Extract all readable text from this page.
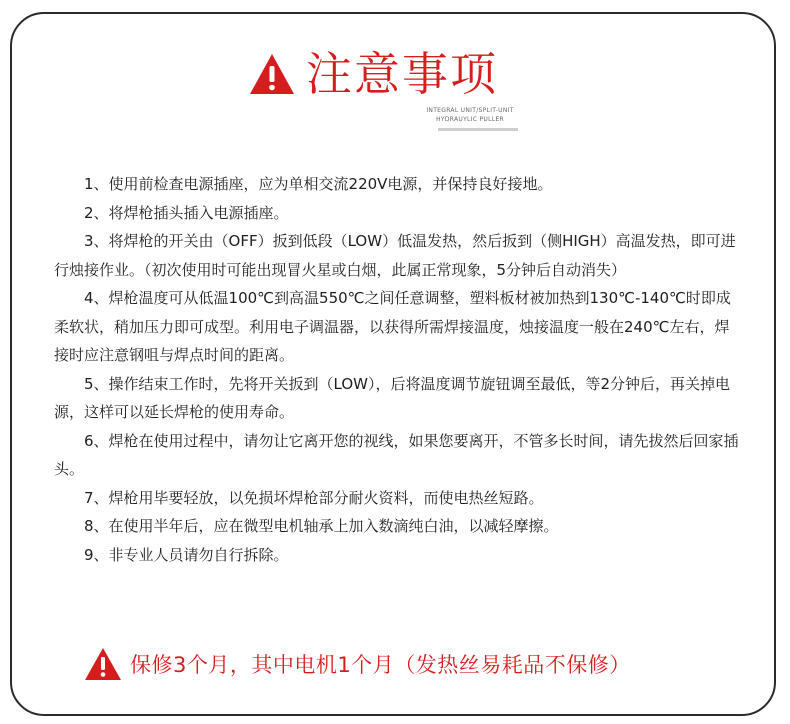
注意事项
INTEGRAL UNIT/SPLIT-UNIT
HYDRAUYLIC PULLER
1、使用前检查电源插座，应为单相交流220V电源，并保持良好接地。
2、将焊枪插头插入电源插座。
3、将焊枪的开关由（OFF）扳到低段（LOW）低温发热，然后扳到（侧HIGH）高温发热，即可进行烛接作业。（初次使用时可能出现冒火星或白烟，此属正常现象，5分钟后自动消失）
4、焊枪温度可从低温100℃到高温550℃之间任意调整，塑料板材被加热到130℃-140℃时即成柔软状，稍加压力即可成型。利用电子调温器，以获得所需焊接温度，烛接温度一般在240℃左右，焊接时应注意钢咀与焊点时间的距离。
5、操作结束工作时，先将开关扳到（LOW），后将温度调节旋钮调至最低，等2分钟后，再关掉电源，这样可以延长焊枪的使用寿命。
6、焊枪在使用过程中，请勿让它离开您的视线，如果您要离开，不管多长时间，请先拔然后回家插头。
7、焊枪用毕要轻放，以免损坏焊枪部分耐火资料，而使电热丝短路。
8、在使用半年后，应在微型电机轴承上加入数滴纯白油，以减轻摩擦。
9、非专业人员请勿自行拆除。
保修3个月，其中电机1个月（发热丝易耗品不保修）
